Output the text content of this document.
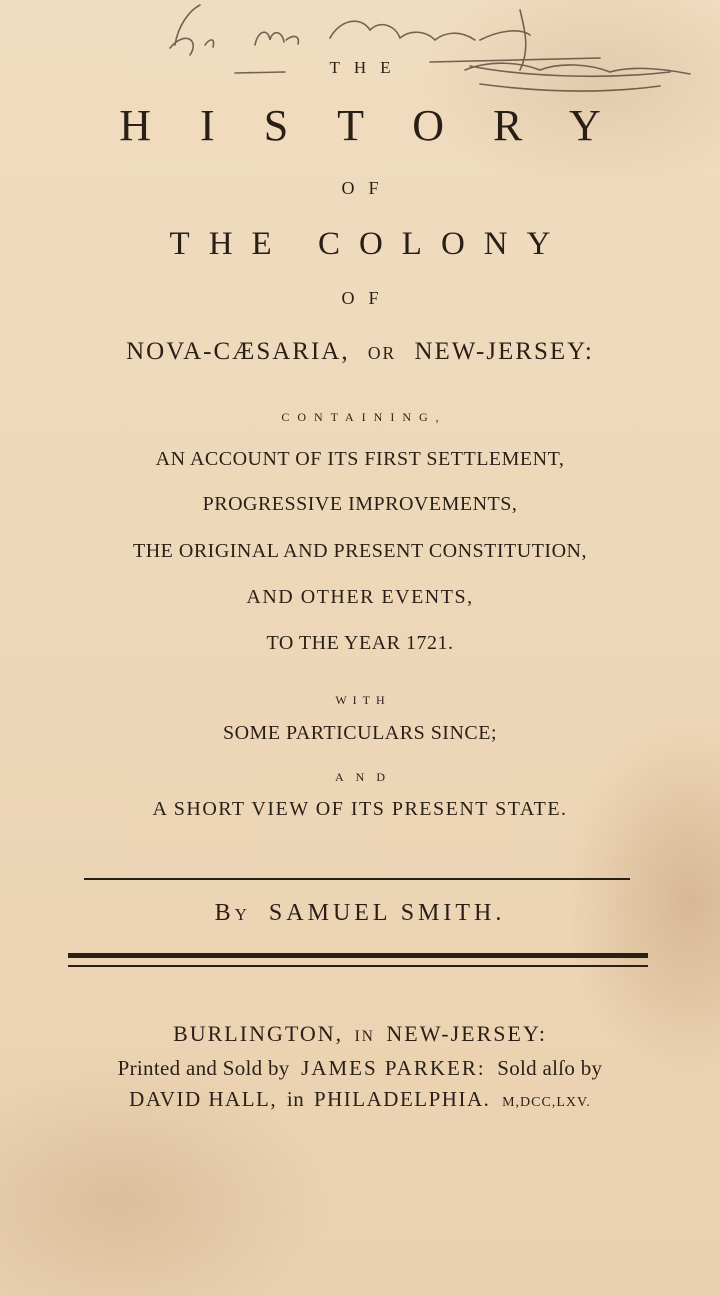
THE
HISTORY
OF
THE COLONY
OF
NOVA-CÆSARIA, OR NEW-JERSEY:
CONTAINING,
AN ACCOUNT OF ITS FIRST SETTLEMENT,
PROGRESSIVE IMPROVEMENTS,
THE ORIGINAL AND PRESENT CONSTITUTION,
AND OTHER EVENTS,
TO THE YEAR 1721.
WITH
SOME PARTICULARS SINCE;
AND
A SHORT VIEW OF ITS PRESENT STATE.
By SAMUEL SMITH.
BURLINGTON, IN NEW-JERSEY:
Printed and Sold by JAMES PARKER: Sold alſo by
DAVID HALL, in PHILADELPHIA. M,DCC,LXV.
